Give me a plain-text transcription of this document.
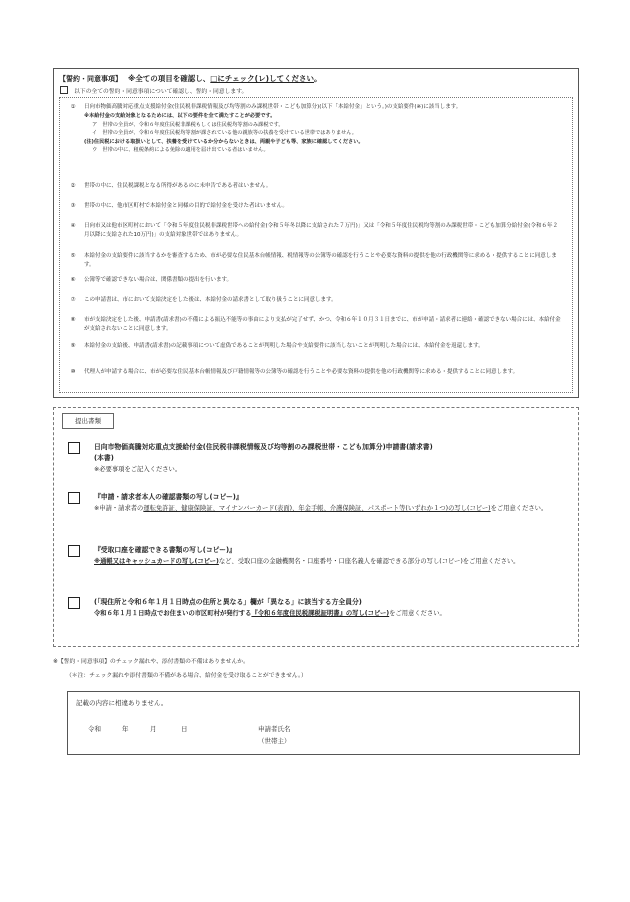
【誓約・同意事項】 ※全ての項目を確認し、□にチェック(レ)してください。
以下の全ての誓約・同意事項について確認し、誓約・同意します。
①	日向市物価高騰対応重点支援給付金(住民税非課税情報及び均等割のみ課税世帯・こども加算分)(以下「本給付金」という。)の支給要件(※)に該当します。
※本給付金の支給対象となるためには、以下の要件を全て満たすことが必要です。
ア　世帯の全員が、令和６年度住民税非課税もしくは住民税均等割のみ課税です。
イ　世帯の全員が、令和６年度住民税均等割が課されている他の親族等の扶養を受けている世帯ではありません。
(注)住民税における取扱いとして、扶養を受けているか分からないときは、両親や子ども等、家族に確認してください。
ウ　世帯の中に、租税条約による免除の適用を届け出ている者はいません。
②	世帯の中に、住民税課税となる所得があるのに未申告である者はいません。
③	世帯の中に、他市区町村で本給付金と同様の目的で給付金を受けた者はいません。
④	日向市又は他市区町村において「令和５年度住民税非課税世帯への給付金(令和５年冬以降に支給された７万円)」又は「令和５年度住民税均等割のみ課税世帯・こども加算分給付金(令和６年２月以降に支給された10万円)」の支給対象世帯ではありません。
⑤	本給付金の支給要件に該当するかを審査するため、市が必要な住民基本台帳情報、税情報等の公簿等の確認を行うことや必要な資料の提供を他の行政機関等に求める・提供することに同意します。
⑥	公簿等で確認できない場合は、関係書類の提出を行います。
⑦	この申請書は、市において支給決定をした後は、本給付金の請求書として取り扱うことに同意します。
⑧	市が支給決定をした後、申請書(請求書)の不備による振込不能等の事由により支払が完了せず、かつ、令和６年１０月３１日までに、市が申請・請求者に連絡・確認できない場合には、本給付金が支給されないことに同意します。
⑨	本給付金の支給後、申請書(請求書)の記載事項について虚偽であることが判明した場合や支給要件に該当しないことが判明した場合には、本給付金を返還します。
⑩	代理人が申請する場合に、市が必要な住民基本台帳情報及び戸籍情報等の公簿等の確認を行うことや必要な資料の提供を他の行政機関等に求める・提供することに同意します。
提出書類
日向市物価高騰対応重点支援給付金(住民税非課税情報及び均等割のみ課税世帯・こども加算分)申請書(請求書)
(本書)
※必要事項をご記入ください。
『申請・請求者本人の確認書類の写し(コピー)』
※申請・請求者の運転免許証、健康保険証、マイナンバーカード(表面)、年金手帳、介護保険証、パスポート等(いずれか１つ)の写し(コピー)をご用意ください。
『受取口座を確認できる書類の写し(コピー)』
※通帳又はキャッシュカードの写し(コピー)など、受取口座の金融機関名・口座番号・口座名義人を確認できる部分の写し(コピー)をご用意ください。
(「現住所と令和６年１月１日時点の住所と異なる」欄が「異なる」に該当する方全員分)
令和６年１月１日時点でお住まいの市区町村が発行する『令和６年度住民税課税証明書』の写し(コピー)をご用意ください。
※【誓約・同意事項】のチェック漏れや、添付書類の不備はありませんか。
（＊注：チェック漏れや添付書類の不備がある場合、給付金を受け取ることができません。）
記載の内容に相違ありません。
令和	年	月	日	申請者氏名
（世帯主）
